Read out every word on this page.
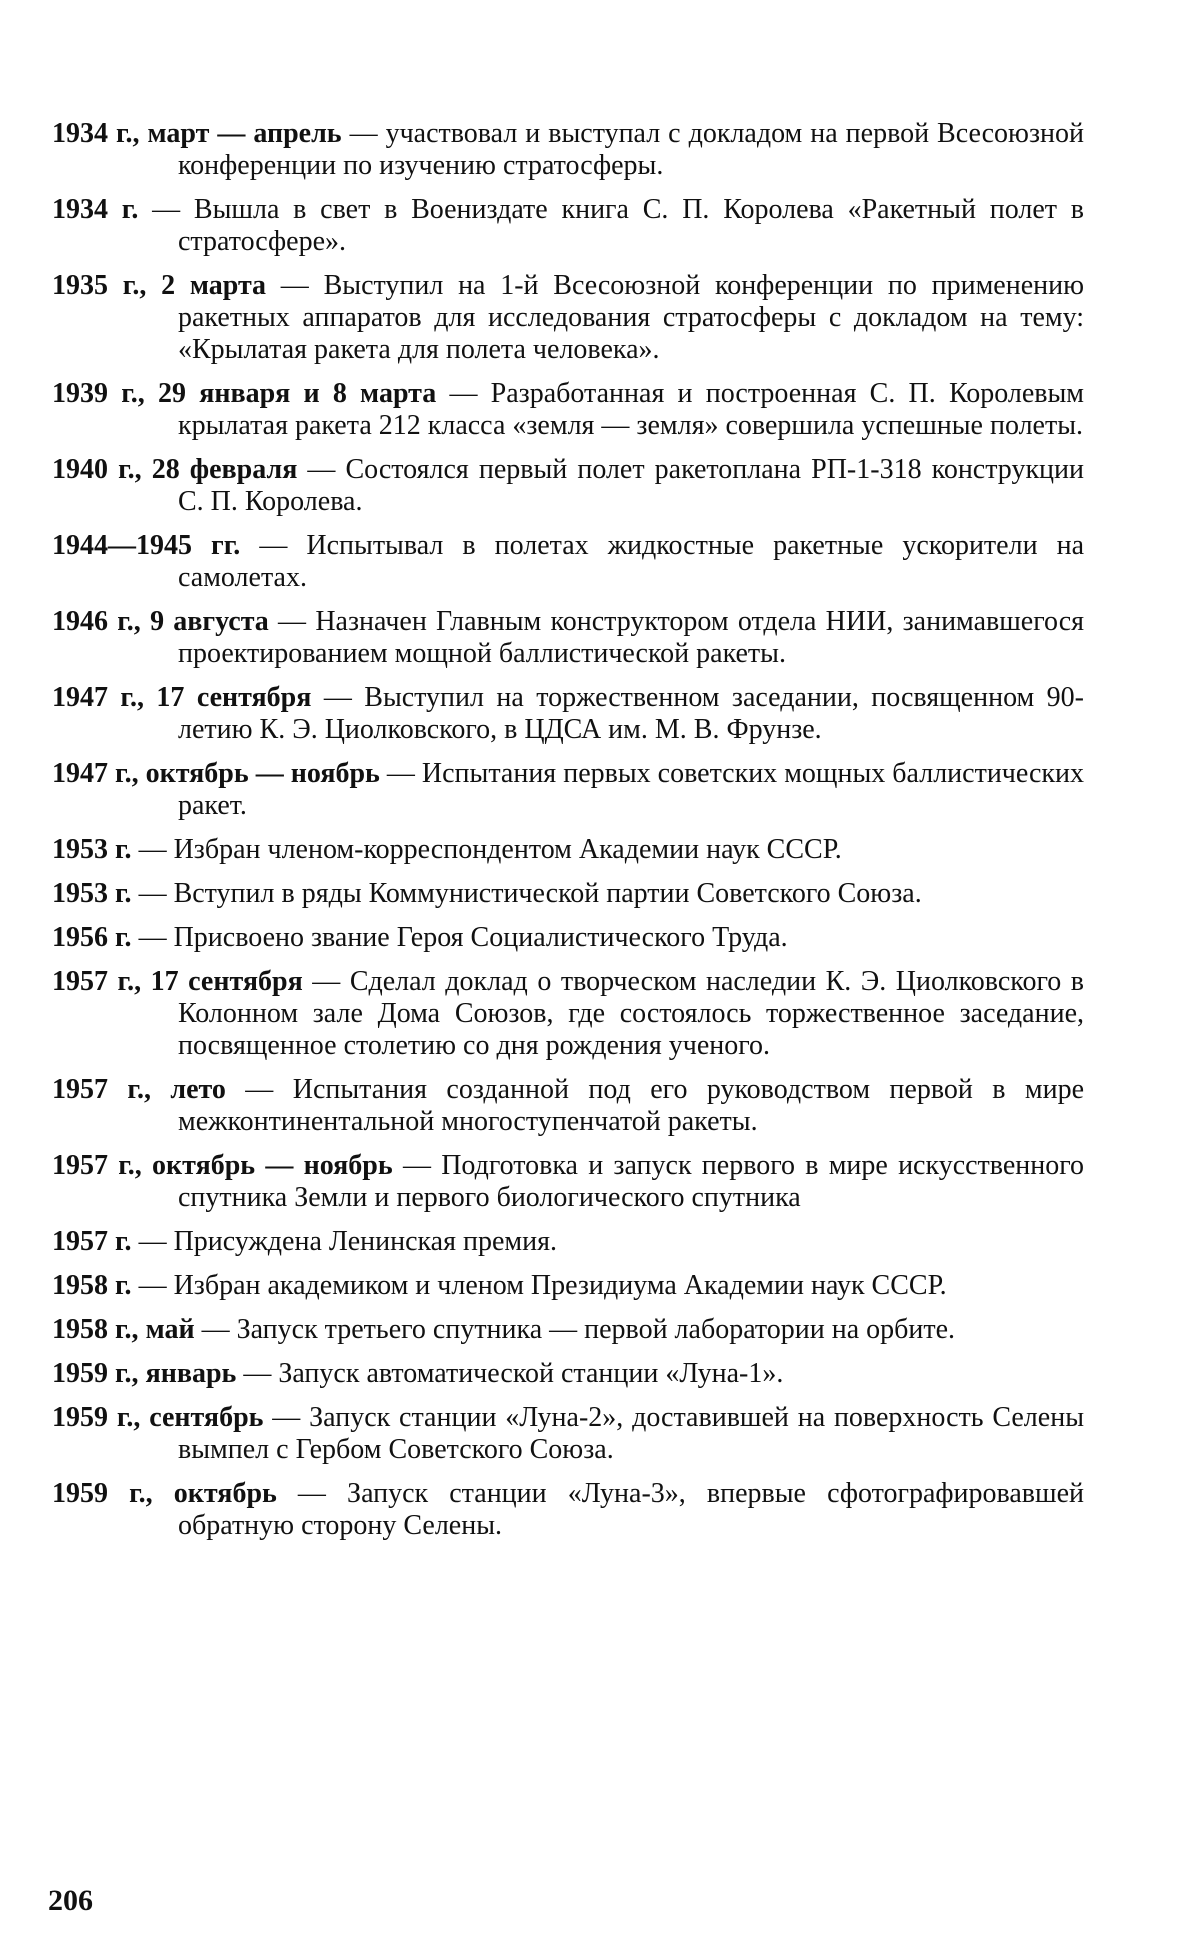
1934 г., март — апрель — участвовал и выступал с докладом на первой Всесоюзной конференции по изучению стратосферы.
1934 г. — Вышла в свет в Воениздате книга С. П. Королева «Ракетный полет в стратосфере».
1935 г., 2 марта — Выступил на 1-й Всесоюзной конференции по применению ракетных аппаратов для исследования стратосферы с докладом на тему: «Крылатая ракета для полета человека».
1939 г., 29 января и 8 марта — Разработанная и построенная С. П. Королевым крылатая ракета 212 класса «земля — земля» совершила успешные полеты.
1940 г., 28 февраля — Состоялся первый полет ракетоплана РП-1-318 конструкции С. П. Королева.
1944—1945 гг. — Испытывал в полетах жидкостные ракетные ускорители на самолетах.
1946 г., 9 августа — Назначен Главным конструктором отдела НИИ, занимавшегося проектированием мощной баллистической ракеты.
1947 г., 17 сентября — Выступил на торжественном заседании, посвященном 90-летию К. Э. Циолковского, в ЦДСА им. М. В. Фрунзе.
1947 г., октябрь — ноябрь — Испытания первых советских мощных баллистических ракет.
1953 г. — Избран членом-корреспондентом Академии наук СССР.
1953 г. — Вступил в ряды Коммунистической партии Советского Союза.
1956 г. — Присвоено звание Героя Социалистического Труда.
1957 г., 17 сентября — Сделал доклад о творческом наследии К. Э. Циолковского в Колонном зале Дома Союзов, где состоялось торжественное заседание, посвященное столетию со дня рождения ученого.
1957 г., лето — Испытания созданной под его руководством первой в мире межконтинентальной многоступенчатой ракеты.
1957 г., октябрь — ноябрь — Подготовка и запуск первого в мире искусственного спутника Земли и первого биологического спутника
1957 г. — Присуждена Ленинская премия.
1958 г. — Избран академиком и членом Президиума Академии наук СССР.
1958 г., май — Запуск третьего спутника — первой лаборатории на орбите.
1959 г., январь — Запуск автоматической станции «Луна-1».
1959 г., сентябрь — Запуск станции «Луна-2», доставившей на поверхность Селены вымпел с Гербом Советского Союза.
1959 г., октябрь — Запуск станции «Луна-3», впервые сфотографировавшей обратную сторону Селены.
206
